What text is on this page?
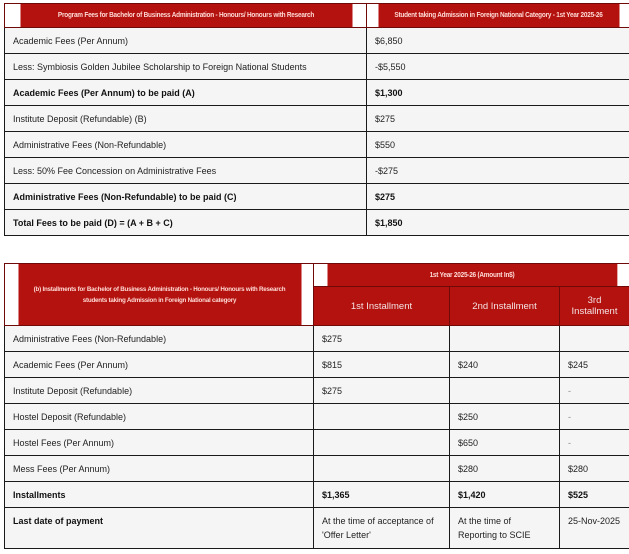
Program Fees for Bachelor of Business Administration - Honours/ Honours with Research	Student taking Admission in Foreign National Category - 1st Year 2025-26
Academic Fees (Per Annum)	$6,850
Less: Symbiosis Golden Jubilee Scholarship to Foreign National Students	-$5,550
Academic Fees (Per Annum) to be paid (A)	$1,300
Institute Deposit (Refundable) (B)	$275
Administrative Fees (Non-Refundable)	$550
Less: 50% Fee Concession on Administrative Fees	-$275
Administrative Fees (Non-Refundable) to be paid (C)	$275
Total Fees to be paid (D) = (A + B + C)	$1,850
(b) Installments for Bachelor of Business Administration - Honours/ Honours with Research students taking Admission in Foreign National category	1st Year 2025-26 (Amount In$)		
	1st Installment	2nd Installment	3rd Installment
Administrative Fees (Non-Refundable)	$275		
Academic Fees (Per Annum)	$815	$240	$245
Institute Deposit (Refundable)	$275		-
Hostel Deposit (Refundable)		$250	-
Hostel Fees (Per Annum)		$650	-
Mess Fees (Per Annum)		$280	$280
Installments	$1,365	$1,420	$525
Last date of payment	At the time of acceptance of 'Offer Letter'	At the time of Reporting to SCIE	25-Nov-2025
